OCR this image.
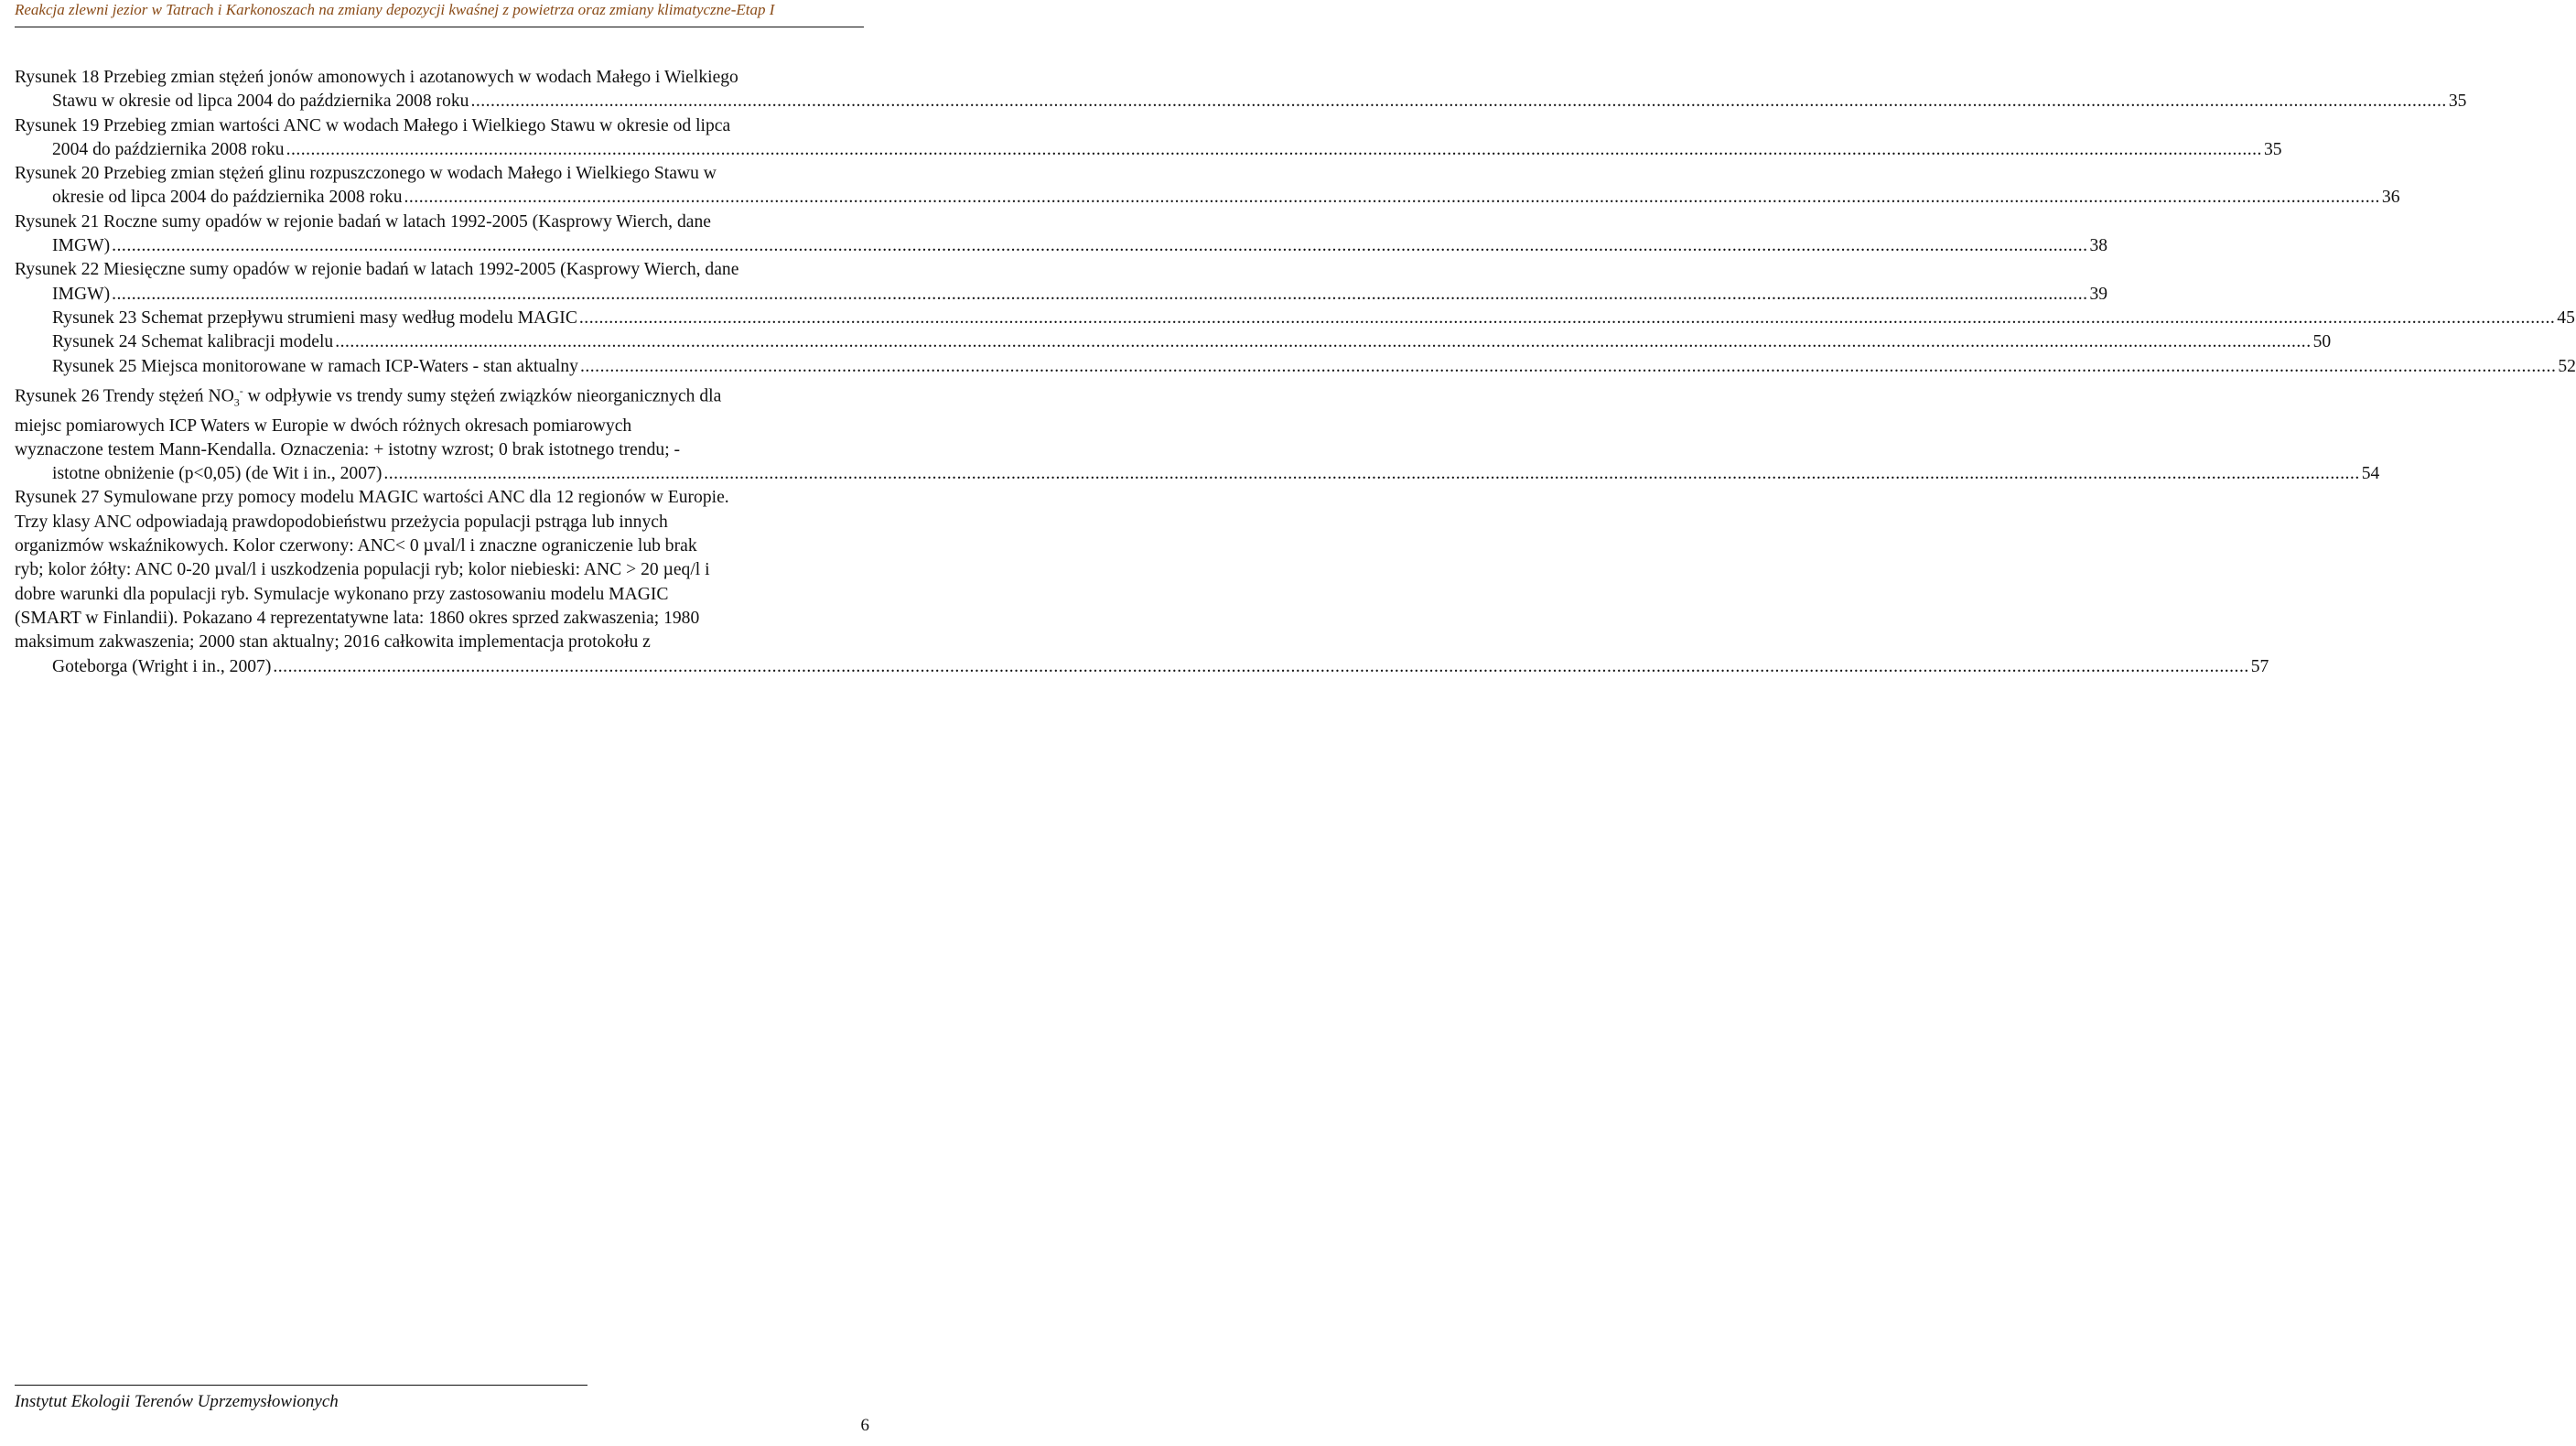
Reakcja zlewni jezior w Tatrach i Karkonoszach na zmiany depozycji kwaśnej z powietrza oraz zmiany klimatyczne-Etap I
Rysunek 18 Przebieg zmian stężeń jonów amonowych i azotanowych w wodach Małego i Wielkiego
Stawu w okresie od lipca 2004 do października 2008 roku ................................................................................................................................................................................................................................................................................................................................................................................................................ 35
Rysunek 19 Przebieg zmian wartości ANC w wodach Małego i Wielkiego Stawu w okresie od lipca
2004 do października 2008 roku ................................................................................................................................................................................................................................................................................................................................................................................................................ 35
Rysunek 20 Przebieg zmian stężeń glinu rozpuszczonego w wodach Małego i Wielkiego Stawu w
okresie od lipca 2004 do października 2008 roku ................................................................................................................................................................................................................................................................................................................................................................................................................ 36
Rysunek 21 Roczne sumy opadów w rejonie badań w latach 1992-2005 (Kasprowy Wierch, dane
IMGW) ................................................................................................................................................................................................................................................................................................................................................................................................................ 38
Rysunek 22 Miesięczne sumy opadów w rejonie badań w latach 1992-2005 (Kasprowy Wierch, dane
IMGW) ................................................................................................................................................................................................................................................................................................................................................................................................................ 39
Rysunek 23 Schemat przepływu strumieni masy według modelu MAGIC ................................................................................................................................................................................................................................................................................................................................................................................................................ 45
Rysunek 24 Schemat kalibracji modelu ................................................................................................................................................................................................................................................................................................................................................................................................................ 50
Rysunek 25 Miejsca monitorowane w ramach ICP-Waters - stan aktualny ................................................................................................................................................................................................................................................................................................................................................................................................................ 52
Rysunek 26 Trendy stężeń $NO_3^-$ w odpływie vs trendy sumy stężeń związków nieorganicznych dla
miejsc pomiarowych ICP Waters w Europie w dwóch różnych okresach pomiarowych
wyznaczone testem Mann-Kendalla. Oznaczenia: + istotny wzrost; 0 brak istotnego trendu; -
istotne obniżenie (p<0,05) (de Wit i in., 2007) ................................................................................................................................................................................................................................................................................................................................................................................................................ 54
Rysunek 27 Symulowane przy pomocy modelu MAGIC wartości ANC dla 12 regionów w Europie.
Trzy klasy ANC odpowiadają prawdopodobieństwu przeżycia populacji pstrąga lub innych
organizmów wskaźnikowych. Kolor czerwony: ANC< 0 µval/l i znaczne ograniczenie lub brak
ryb; kolor żółty: ANC 0-20 µval/l i uszkodzenia populacji ryb; kolor niebieski: ANC > 20 µeq/l i
dobre warunki dla populacji ryb. Symulacje wykonano przy zastosowaniu modelu MAGIC
(SMART w Finlandii). Pokazano 4 reprezentatywne lata: 1860 okres sprzed zakwaszenia; 1980
maksimum zakwaszenia; 2000 stan aktualny; 2016 całkowita implementacja protokołu z
Goteborga (Wright i in., 2007) ................................................................................................................................................................................................................................................................................................................................................................................................................ 57
Instytut Ekologii Terenów Uprzemysłowionych
6
